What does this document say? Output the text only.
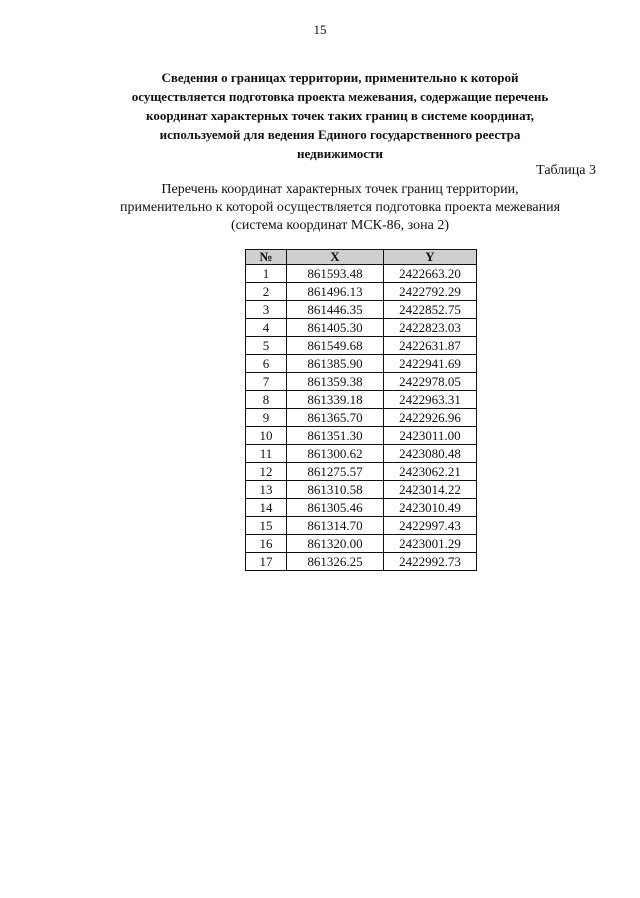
15
Сведения о границах территории, применительно к которой
осуществляется подготовка проекта межевания, содержащие перечень
координат характерных точек таких границ в системе координат,
используемой для ведения Единого государственного реестра
недвижимости
Таблица 3
Перечень координат характерных точек границ территории,
применительно к которой осуществляется подготовка проекта межевания
(система координат МСК-86, зона 2)
№	X	Y
1	861593.48	2422663.20
2	861496.13	2422792.29
3	861446.35	2422852.75
4	861405.30	2422823.03
5	861549.68	2422631.87
6	861385.90	2422941.69
7	861359.38	2422978.05
8	861339.18	2422963.31
9	861365.70	2422926.96
10	861351.30	2423011.00
11	861300.62	2423080.48
12	861275.57	2423062.21
13	861310.58	2423014.22
14	861305.46	2423010.49
15	861314.70	2422997.43
16	861320.00	2423001.29
17	861326.25	2422992.73
